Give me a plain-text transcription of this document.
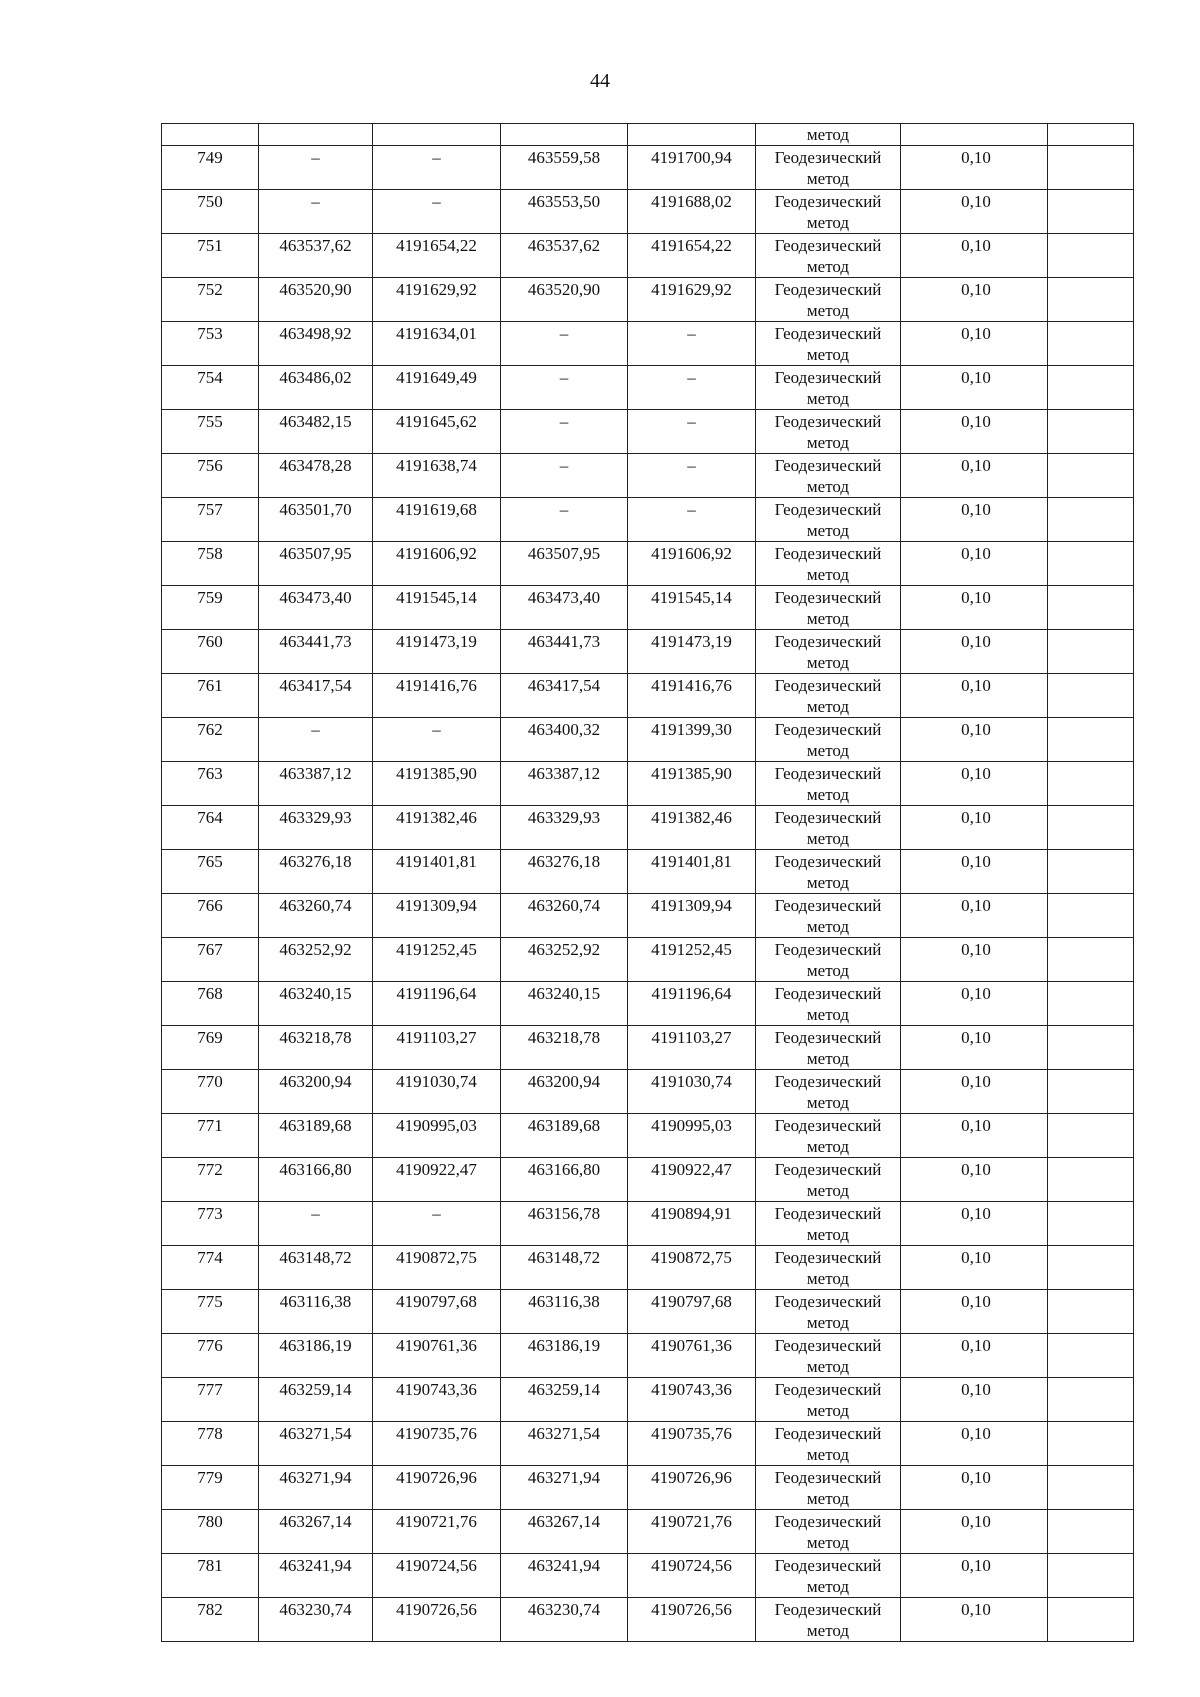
44

					метод		

749	–	–	463559,58	4191700,94	Геодезический
метод	0,10	

750	–	–	463553,50	4191688,02	Геодезический
метод	0,10	

751	463537,62	4191654,22	463537,62	4191654,22	Геодезический
метод	0,10	

752	463520,90	4191629,92	463520,90	4191629,92	Геодезический
метод	0,10	

753	463498,92	4191634,01	–	–	Геодезический
метод	0,10	

754	463486,02	4191649,49	–	–	Геодезический
метод	0,10	

755	463482,15	4191645,62	–	–	Геодезический
метод	0,10	

756	463478,28	4191638,74	–	–	Геодезический
метод	0,10	

757	463501,70	4191619,68	–	–	Геодезический
метод	0,10	

758	463507,95	4191606,92	463507,95	4191606,92	Геодезический
метод	0,10	

759	463473,40	4191545,14	463473,40	4191545,14	Геодезический
метод	0,10	

760	463441,73	4191473,19	463441,73	4191473,19	Геодезический
метод	0,10	

761	463417,54	4191416,76	463417,54	4191416,76	Геодезический
метод	0,10	

762	–	–	463400,32	4191399,30	Геодезический
метод	0,10	

763	463387,12	4191385,90	463387,12	4191385,90	Геодезический
метод	0,10	

764	463329,93	4191382,46	463329,93	4191382,46	Геодезический
метод	0,10	

765	463276,18	4191401,81	463276,18	4191401,81	Геодезический
метод	0,10	

766	463260,74	4191309,94	463260,74	4191309,94	Геодезический
метод	0,10	

767	463252,92	4191252,45	463252,92	4191252,45	Геодезический
метод	0,10	

768	463240,15	4191196,64	463240,15	4191196,64	Геодезический
метод	0,10	

769	463218,78	4191103,27	463218,78	4191103,27	Геодезический
метод	0,10	

770	463200,94	4191030,74	463200,94	4191030,74	Геодезический
метод	0,10	

771	463189,68	4190995,03	463189,68	4190995,03	Геодезический
метод	0,10	

772	463166,80	4190922,47	463166,80	4190922,47	Геодезический
метод	0,10	

773	–	–	463156,78	4190894,91	Геодезический
метод	0,10	

774	463148,72	4190872,75	463148,72	4190872,75	Геодезический
метод	0,10	

775	463116,38	4190797,68	463116,38	4190797,68	Геодезический
метод	0,10	

776	463186,19	4190761,36	463186,19	4190761,36	Геодезический
метод	0,10	

777	463259,14	4190743,36	463259,14	4190743,36	Геодезический
метод	0,10	

778	463271,54	4190735,76	463271,54	4190735,76	Геодезический
метод	0,10	

779	463271,94	4190726,96	463271,94	4190726,96	Геодезический
метод	0,10	

780	463267,14	4190721,76	463267,14	4190721,76	Геодезический
метод	0,10	

781	463241,94	4190724,56	463241,94	4190724,56	Геодезический
метод	0,10	

782	463230,74	4190726,56	463230,74	4190726,56	Геодезический
метод	0,10	
